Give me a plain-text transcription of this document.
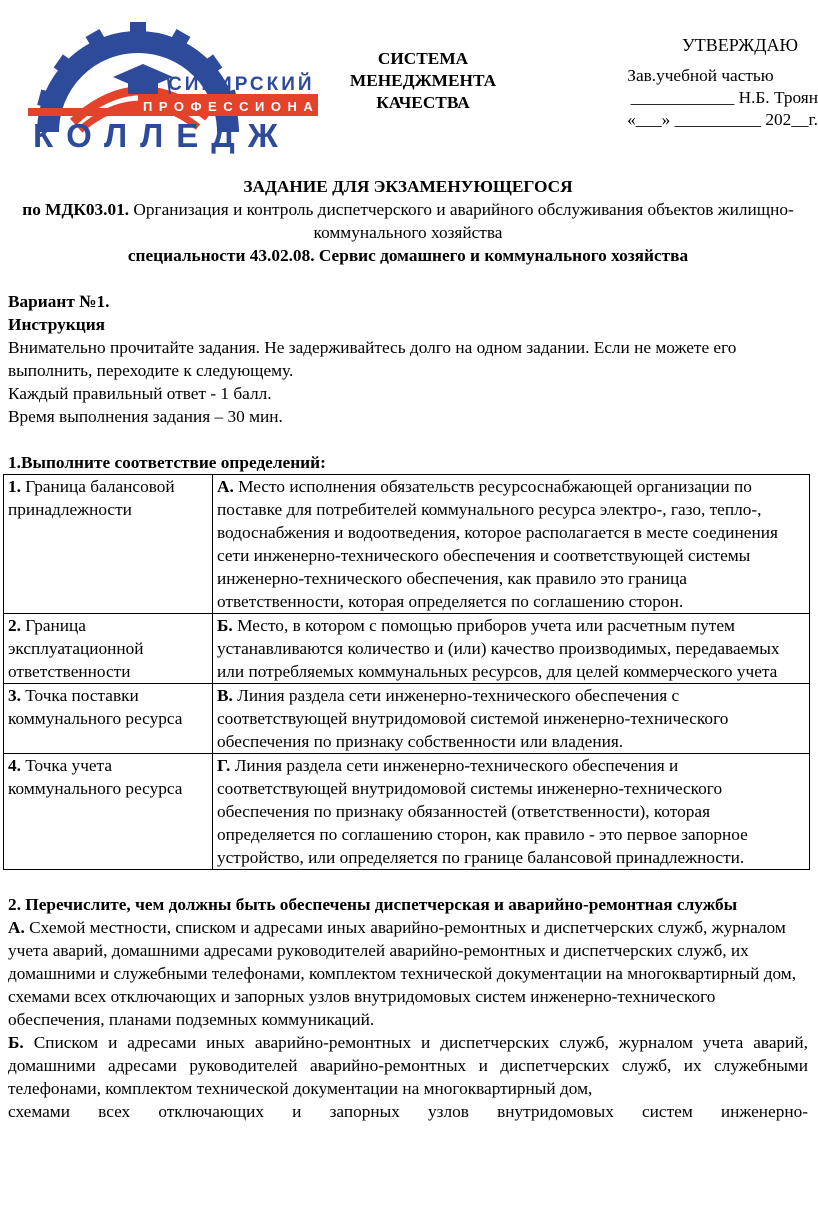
СИБИРСКИЙ
ПРОФЕССИОНАЛЬНЫЙ
КОЛЛЕДЖ
СИСТЕМА
МЕНЕДЖМЕНТА
КАЧЕСТВА
УТВЕРЖДАЮ
Зав.учебной частью
____________ Н.Б. Троян
«___» __________ 202__г.

ЗАДАНИЕ ДЛЯ ЭКЗАМЕНУЮЩЕГОСЯ

по МДК03.01. Организация и контроль диспетчерского и аварийного обслуживания объектов жилищно-коммунального хозяйства

специальности 43.02.08. Сервис домашнего и коммунального хозяйства

Вариант №1.

Инструкция

Внимательно прочитайте задания. Не задерживайтесь долго на одном задании. Если не можете его выполнить, переходите к следующему.

Каждый правильный ответ - 1 балл.

Время выполнения задания – 30 мин.

1.Выполните соответствие определений:

1. Граница балансовой принадлежности	А. Место исполнения обязательств ресурсоснабжающей организации по поставке для потребителей коммунального ресурса электро-, газо, тепло-, водоснабжения и водоотведения, которое располагается в месте соединения сети инженерно-технического обеспечения и соответствующей системы инженерно-технического обеспечения, как правило это граница ответственности, которая определяется по соглашению сторон.
2. Граница эксплуатационной ответственности	Б. Место, в котором с помощью приборов учета или расчетным путем устанавливаются количество и (или) качество производимых, передаваемых или потребляемых коммунальных ресурсов, для целей коммерческого учета
3. Точка поставки коммунального ресурса	В. Линия раздела сети инженерно-технического обеспечения с соответствующей внутридомовой системой инженерно-технического обеспечения по признаку собственности или владения.
4. Точка учета коммунального ресурса	Г. Линия раздела сети инженерно-технического обеспечения и соответствующей внутридомовой системы инженерно-технического обеспечения по признаку обязанностей (ответственности), которая определяется по соглашению сторон, как правило - это первое запорное устройство, или определяется по границе балансовой принадлежности.

2. Перечислите, чем должны быть обеспечены диспетчерская и аварийно-ремонтная службы

А. Схемой местности, списком и адресами иных аварийно-ремонтных и диспетчерских служб, журналом учета аварий, домашними адресами руководителей аварийно-ремонтных и диспетчерских служб, их домашними и служебными телефонами, комплектом технической документации на многоквартирный дом, схемами всех отключающих и запорных узлов внутридомовых систем инженерно-технического обеспечения, планами подземных коммуникаций.

Б. Списком и адресами иных аварийно-ремонтных и диспетчерских служб, журналом учета аварий, домашними адресами руководителей аварийно-ремонтных и диспетчерских служб, их служебными телефонами, комплектом технической документации на многоквартирный дом,

схемами всех отключающих и запорных узлов внутридомовых систем инженерно-
